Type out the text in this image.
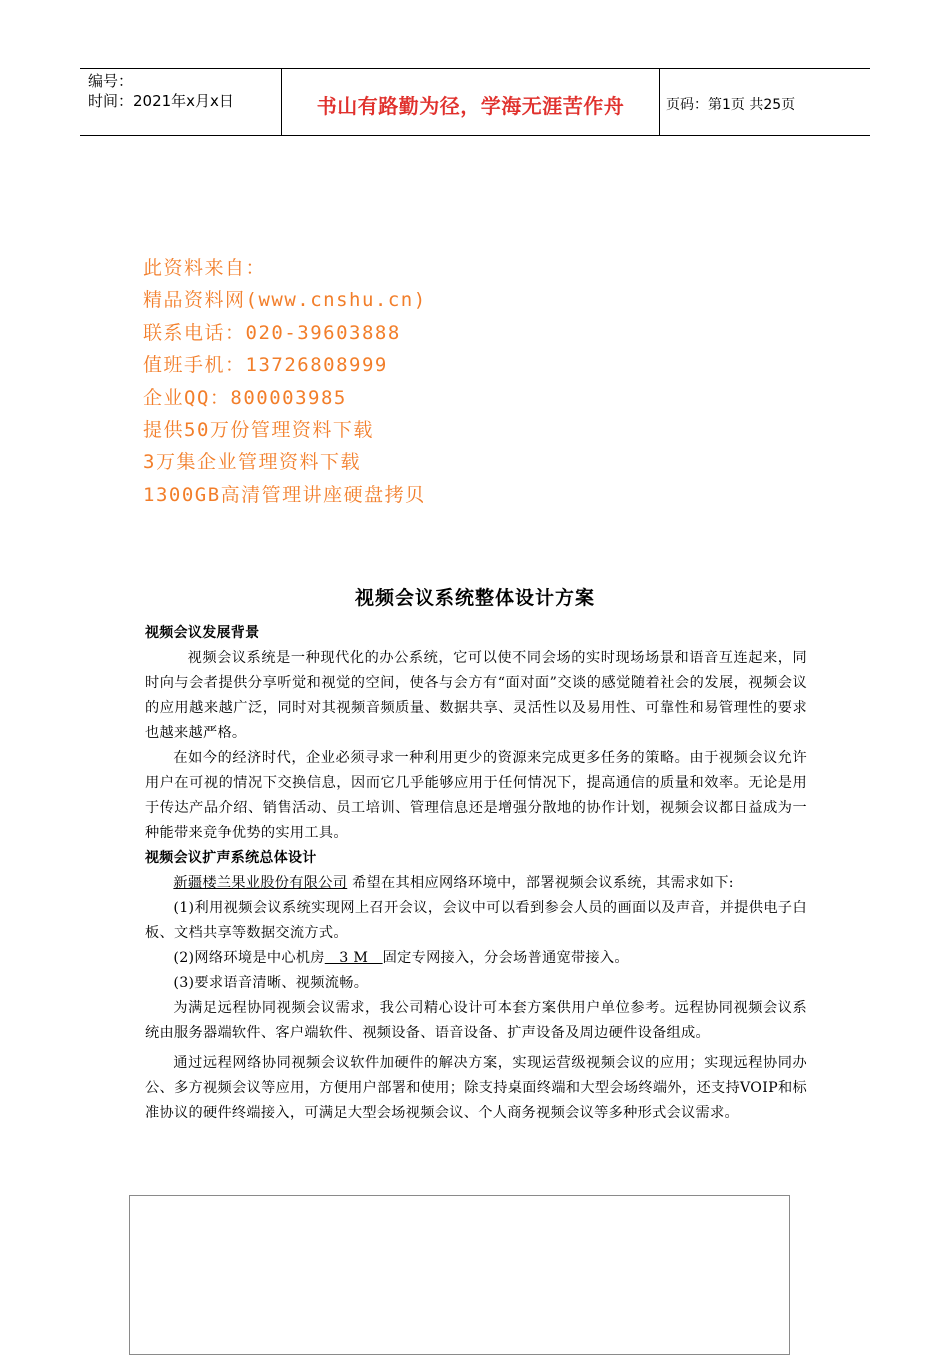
编号：
时间：2021年x月x日	书山有路勤为径，学海无涯苦作舟	页码：第1页 共25页
此资料来自：
精品资料网(www.cnshu.cn)
联系电话：020-39603888
值班手机：13726808999
企业QQ：800003985
提供50万份管理资料下载
3万集企业管理资料下载
1300GB高清管理讲座硬盘拷贝
视频会议系统整体设计方案

视频会议发展背景

视频会议系统是一种现代化的办公系统，它可以使不同会场的实时现场场景和语音互连起来，同时向与会者提供分享听觉和视觉的空间，使各与会方有“面对面”交谈的感觉随着社会的发展，视频会议的应用越来越广泛，同时对其视频音频质量、数据共享、灵活性以及易用性、可靠性和易管理性的要求也越来越严格。

在如今的经济时代，企业必须寻求一种利用更少的资源来完成更多任务的策略。由于视频会议允许用户在可视的情况下交换信息，因而它几乎能够应用于任何情况下，提高通信的质量和效率。无论是用于传达产品介绍、销售活动、员工培训、管理信息还是增强分散地的协作计划，视频会议都日益成为一种能带来竞争优势的实用工具。

视频会议扩声系统总体设计

新疆楼兰果业股份有限公司 希望在其相应网络环境中，部署视频会议系统，其需求如下:

(1)利用视频会议系统实现网上召开会议，会议中可以看到参会人员的画面以及声音，并提供电子白板、文档共享等数据交流方式。

(2)网络环境是中心机房   3 M   固定专网接入，分会场普通宽带接入。

(3)要求语音清晰、视频流畅。

为满足远程协同视频会议需求，我公司精心设计可本套方案供用户单位参考。远程协同视频会议系统由服务器端软件、客户端软件、视频设备、语音设备、扩声设备及周边硬件设备组成。

通过远程网络协同视频会议软件加硬件的解决方案，实现运营级视频会议的应用；实现远程协同办公、多方视频会议等应用，方便用户部署和使用；除支持桌面终端和大型会场终端外，还支持VOIP和标准协议的硬件终端接入，可满足大型会场视频会议、个人商务视频会议等多种形式会议需求。
